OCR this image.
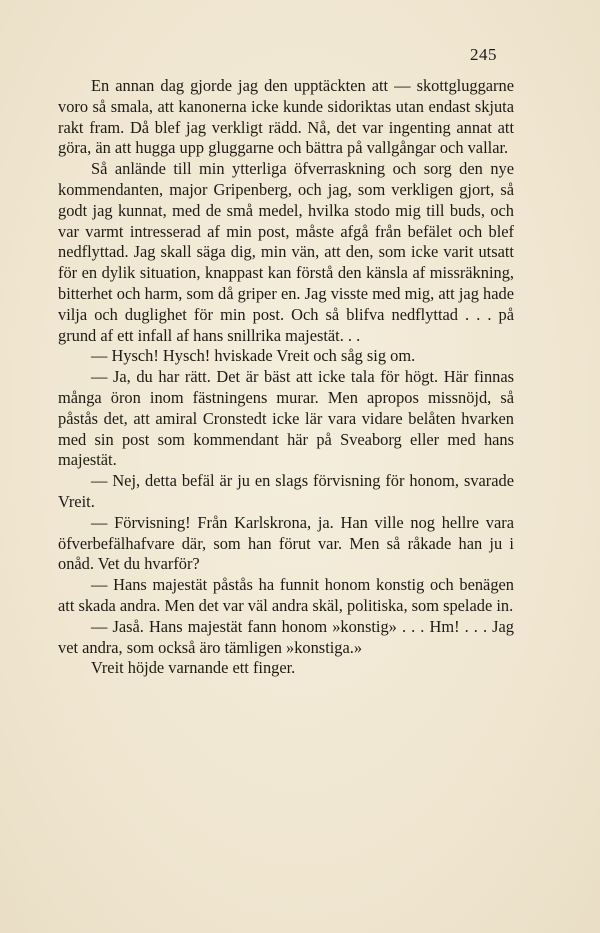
245

En annan dag gjorde jag den upptäckten att — skottgluggarne voro så smala, att kanonerna icke kunde sidoriktas utan endast skjuta rakt fram. Då blef jag verkligt rädd. Nå, det var ingenting annat att göra, än att hugga upp gluggarne och bättra på vallgångar och vallar.

Så anlände till min ytterliga öfverraskning och sorg den nye kommendanten, major Gripenberg, och jag, som verkligen gjort, så godt jag kunnat, med de små medel, hvilka stodo mig till buds, och var varmt intresserad af min post, måste afgå från befälet och blef nedflyttad. Jag skall säga dig, min vän, att den, som icke varit utsatt för en dylik situation, knappast kan förstå den känsla af missräkning, bitterhet och harm, som då griper en. Jag visste med mig, att jag hade vilja och duglighet för min post. Och så blifva nedflyttad . . . på grund af ett infall af hans snillrika majestät. . .

— Hysch! Hysch! hviskade Vreit och såg sig om.

— Ja, du har rätt. Det är bäst att icke tala för högt. Här finnas många öron inom fästningens murar. Men apropos missnöjd, så påstås det, att amiral Cronstedt icke lär vara vidare belåten hvarken med sin post som kommendant här på Sveaborg eller med hans majestät.

— Nej, detta befäl är ju en slags förvisning för honom, svarade Vreit.

— Förvisning! Från Karlskrona, ja. Han ville nog hellre vara öfverbefälhafvare där, som han förut var. Men så råkade han ju i onåd. Vet du hvarför?

— Hans majestät påstås ha funnit honom konstig och benägen att skada andra. Men det var väl andra skäl, politiska, som spelade in.

— Jaså. Hans majestät fann honom »konstig» . . . Hm! . . . Jag vet andra, som också äro tämligen »konstiga.»

Vreit höjde varnande ett finger.
